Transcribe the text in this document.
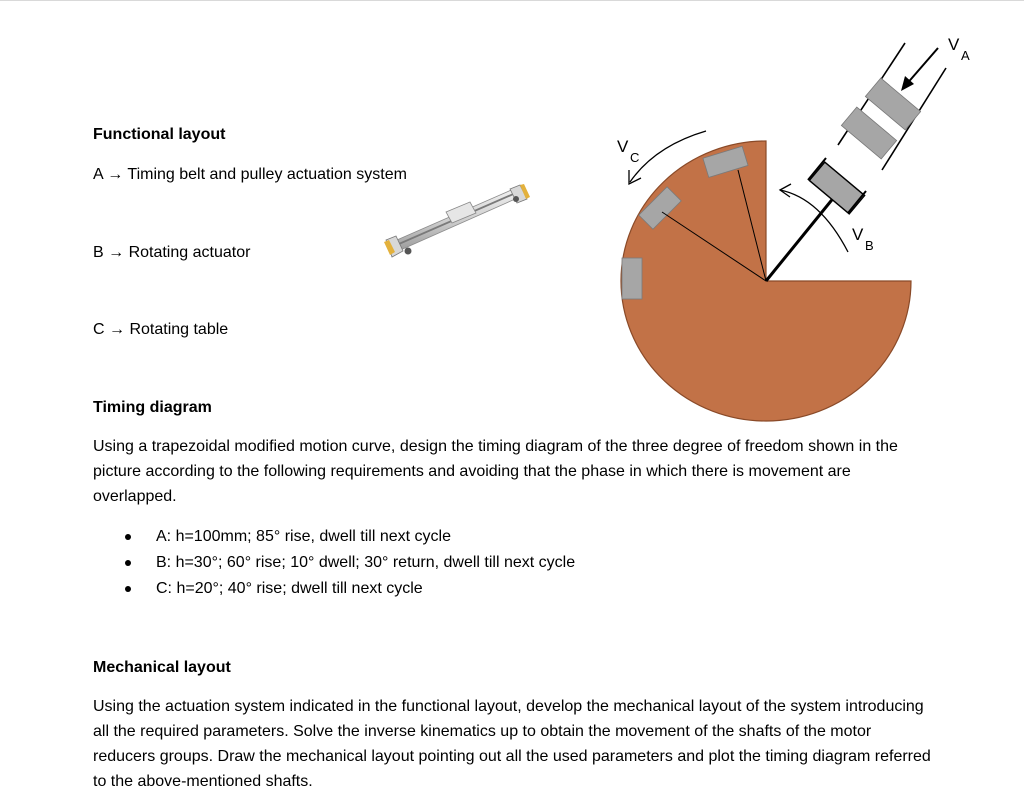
Functional layout
A → Timing belt and pulley actuation system
B → Rotating actuator
C → Rotating table
V
A
V
B
V
C
Timing diagram
Using a trapezoidal modified motion curve, design the timing diagram of the three degree of freedom shown in the picture according to the following requirements and avoiding that the phase in which there is movement are overlapped.
A: h=100mm; 85° rise, dwell till next cycle
B: h=30°; 60° rise; 10° dwell; 30° return, dwell till next cycle
C: h=20°; 40° rise; dwell till next cycle
Mechanical layout
Using the actuation system indicated in the functional layout, develop the mechanical layout of the system introducing all the required parameters. Solve the inverse kinematics up to obtain the movement of the shafts of the motor reducers groups. Draw the mechanical layout pointing out all the used parameters and plot the timing diagram referred to the above-mentioned shafts.
